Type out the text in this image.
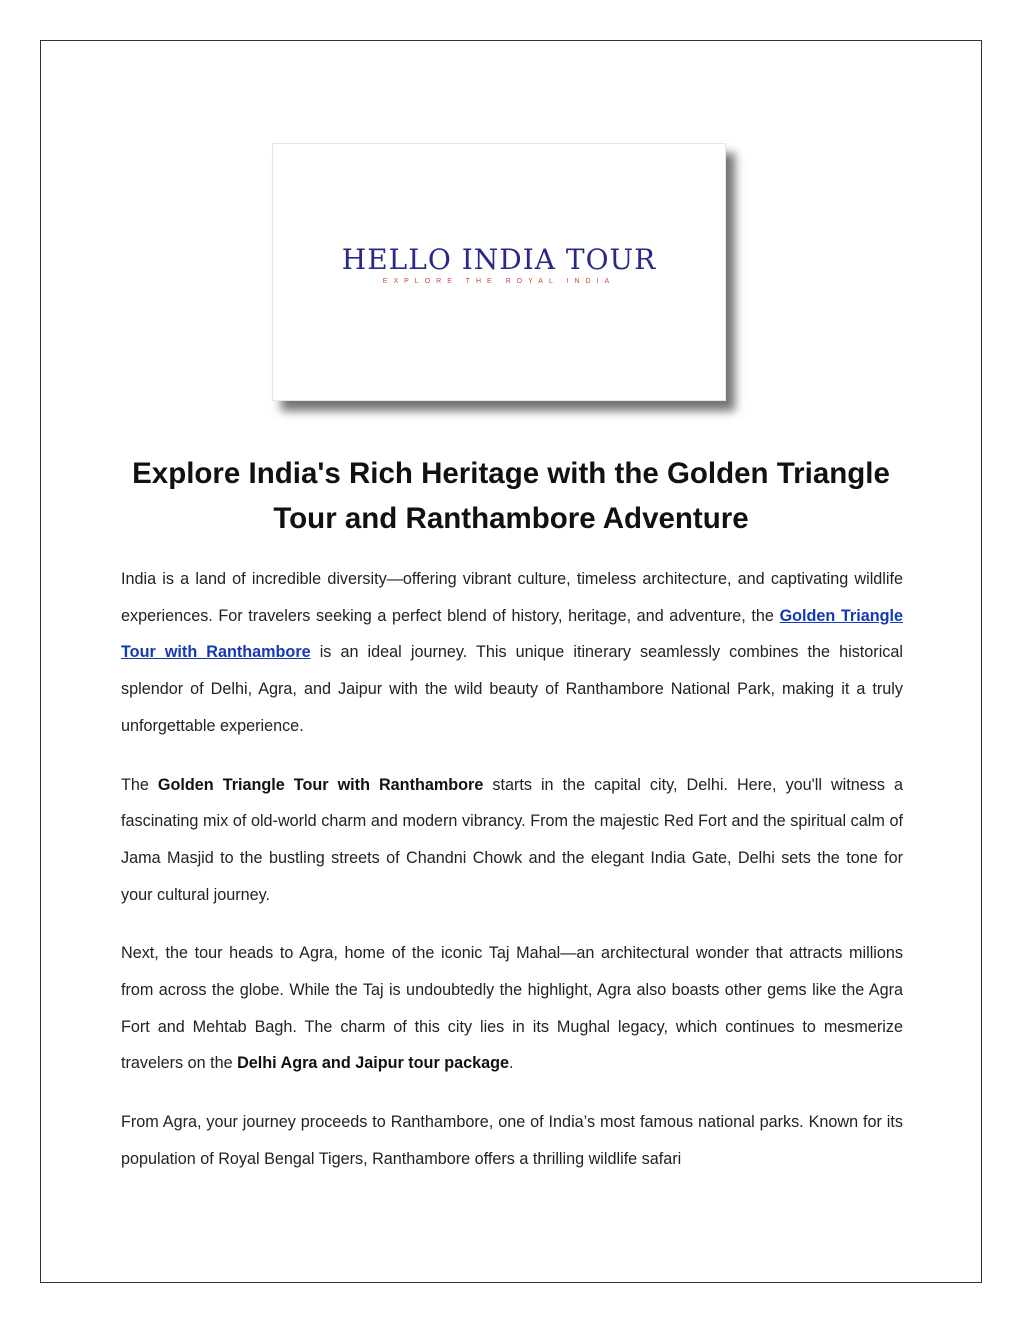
HELLO INDIA TOUR
EXPLORE THE ROYAL INDIA
Explore India's Rich Heritage with the Golden Triangle Tour and Ranthambore Adventure

India is a land of incredible diversity—offering vibrant culture, timeless architecture, and captivating wildlife experiences. For travelers seeking a perfect blend of history, heritage, and adventure, the Golden Triangle Tour with Ranthambore is an ideal journey. This unique itinerary seamlessly combines the historical splendor of Delhi, Agra, and Jaipur with the wild beauty of Ranthambore National Park, making it a truly unforgettable experience.

The Golden Triangle Tour with Ranthambore starts in the capital city, Delhi. Here, you'll witness a fascinating mix of old-world charm and modern vibrancy. From the majestic Red Fort and the spiritual calm of Jama Masjid to the bustling streets of Chandni Chowk and the elegant India Gate, Delhi sets the tone for your cultural journey.

Next, the tour heads to Agra, home of the iconic Taj Mahal—an architectural wonder that attracts millions from across the globe. While the Taj is undoubtedly the highlight, Agra also boasts other gems like the Agra Fort and Mehtab Bagh. The charm of this city lies in its Mughal legacy, which continues to mesmerize travelers on the Delhi Agra and Jaipur tour package.

From Agra, your journey proceeds to Ranthambore, one of India’s most famous national parks. Known for its population of Royal Bengal Tigers, Ranthambore offers a thrilling wildlife safari
